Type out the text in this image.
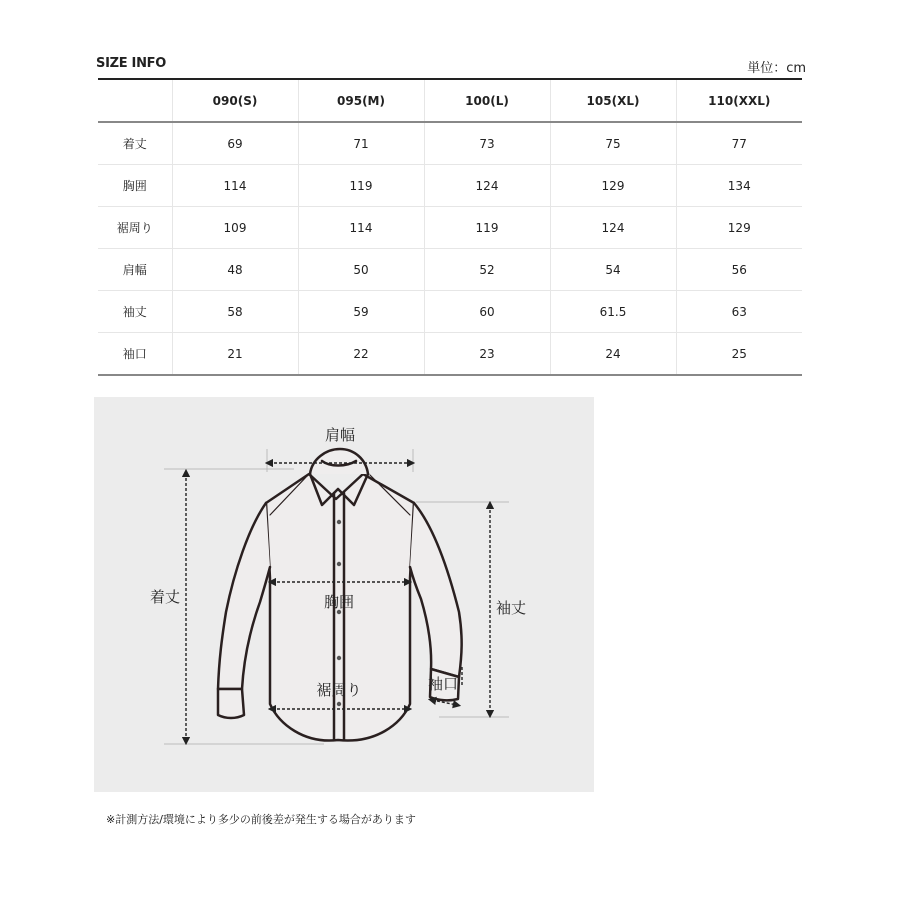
SIZE INFO	単位：cm
	090(S)	095(M)	100(L)	105(XL)	110(XXL)
着丈	69	71	73	75	77
胸囲	114	119	124	129	134
裾周り	109	114	119	124	129
肩幅	48	50	52	54	56
袖丈	58	59	60	61.5	63
袖口	21	22	23	24	25
肩幅
着丈	胸囲	袖丈
裾周り	袖口
※計測方法/環境により多少の前後差が発生する場合があります
